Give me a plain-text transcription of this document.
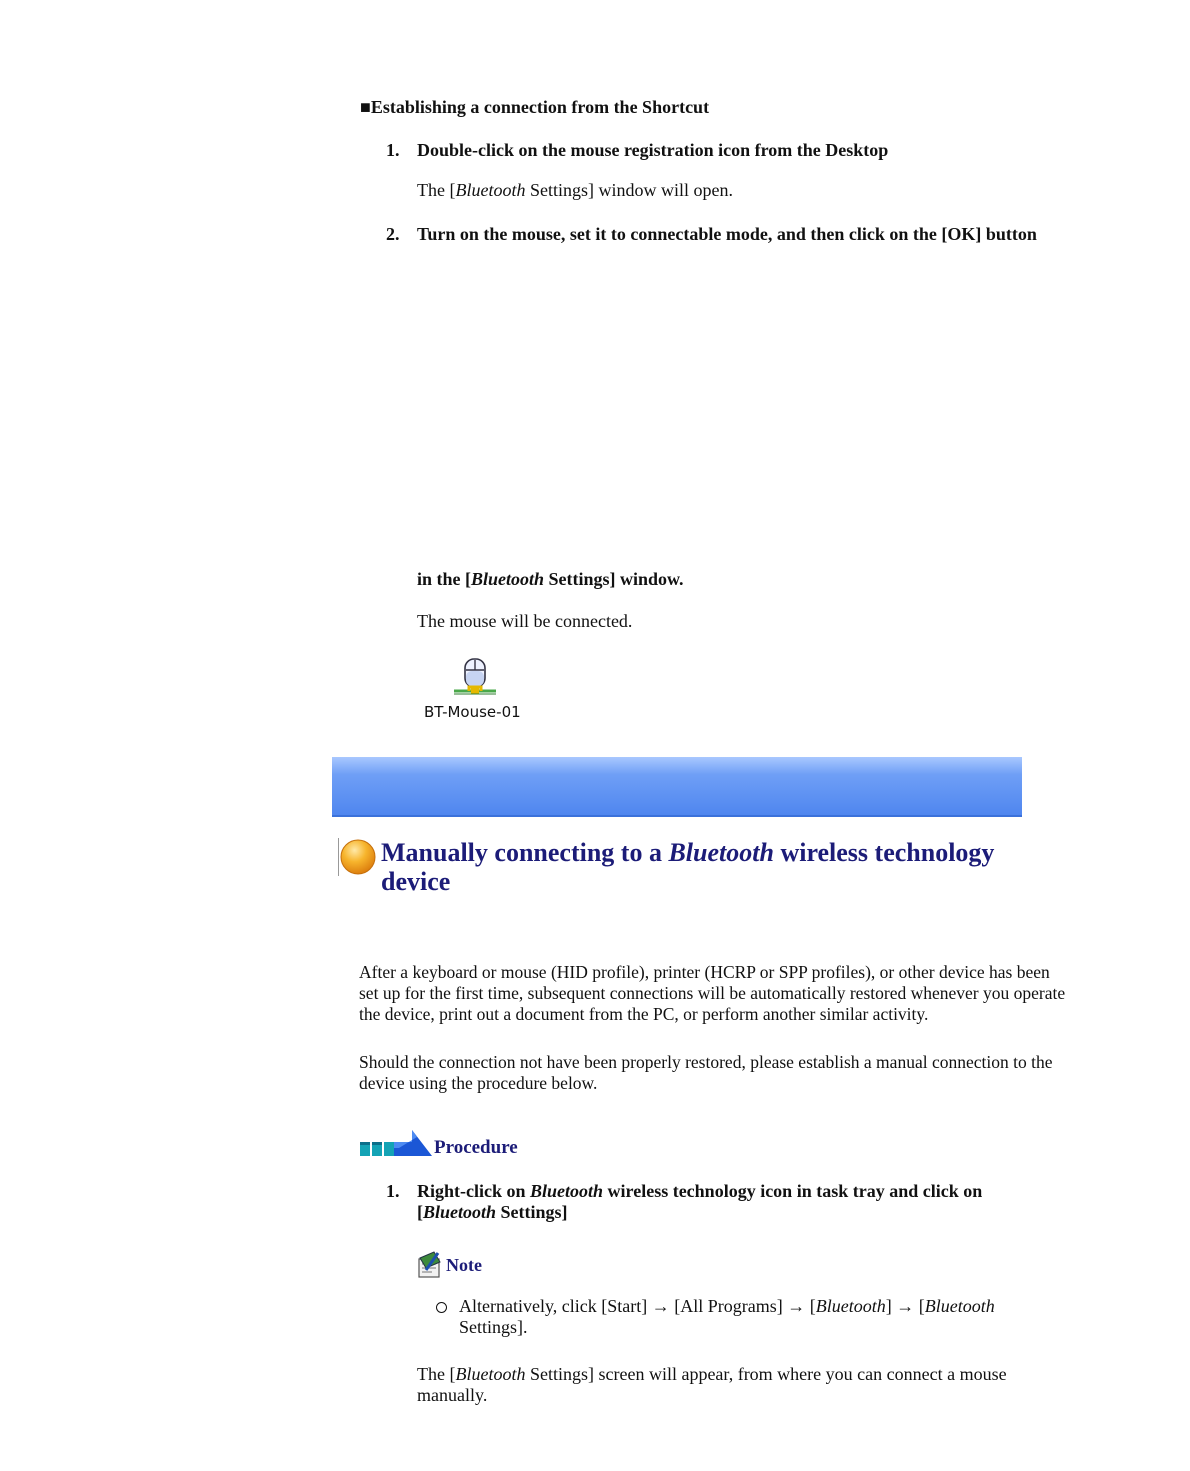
■Establishing a connection from the Shortcut
1. Double-click on the mouse registration icon from the Desktop
The [Bluetooth Settings] window will open.
2. Turn on the mouse, set it to connectable mode, and then click on the [OK] button
in the [Bluetooth Settings] window.
The mouse will be connected.
BT-Mouse-01
Manually connecting to a Bluetooth wireless technology device
After a keyboard or mouse (HID profile), printer (HCRP or SPP profiles), or other device has been set up for the first time, subsequent connections will be automatically restored whenever you operate the device, print out a document from the PC, or perform another similar activity.
Should the connection not have been properly restored, please establish a manual connection to the device using the procedure below.
Procedure
1. Right-click on Bluetooth wireless technology icon in task tray and click on
[Bluetooth Settings]
Note
Alternatively, click [Start] → [All Programs] → [Bluetooth] → [Bluetooth
Settings].
The [Bluetooth Settings] screen will appear, from where you can connect a mouse manually.
